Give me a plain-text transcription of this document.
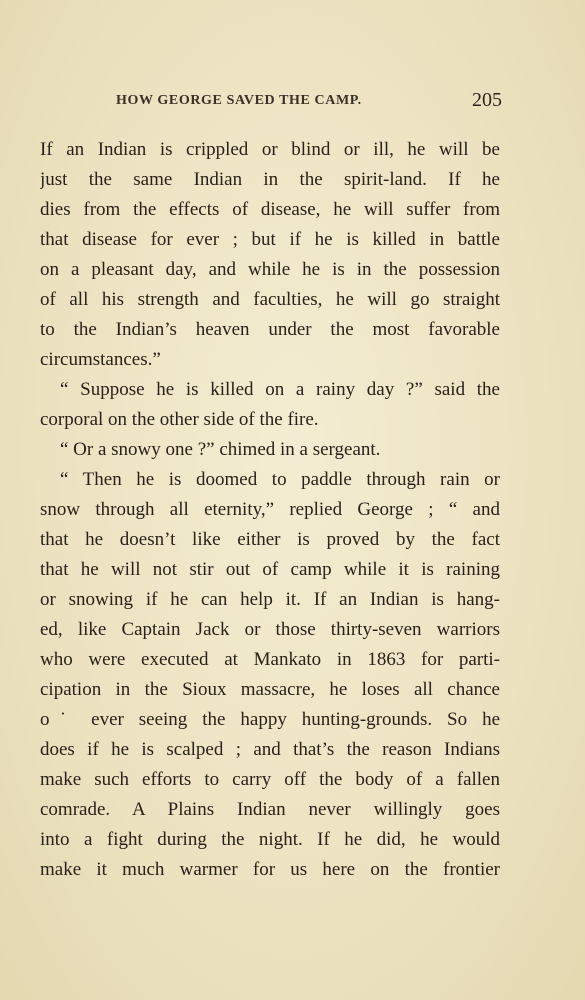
HOW GEORGE SAVED THE CAMP.	205
If an Indian is crippled or blind or ill, he will be
just the same Indian in the spirit-land. If he
dies from the effects of disease, he will suffer from
that disease for ever ; but if he is killed in battle
on a pleasant day, and while he is in the possession
of all his strength and faculties, he will go straight
to the Indian’s heaven under the most favorable
circumstances.”
“ Suppose he is killed on a rainy day ?” said the
corporal on the other side of the fire.
“ Or a snowy one ?” chimed in a sergeant.
“ Then he is doomed to paddle through rain or
snow through all eternity,” replied George ; “ and
that he doesn’t like either is proved by the fact
that he will not stir out of camp while it is raining
or snowing if he can help it. If an Indian is hang-
ed, like Captain Jack or those thirty-seven warriors
who were executed at Mankato in 1863 for parti-
cipation in the Sioux massacre, he loses all chance
o˙ ever seeing the happy hunting-grounds. So he
does if he is scalped ; and that’s the reason Indians
make such efforts to carry off the body of a fallen
comrade. A Plains Indian never willingly goes
into a fight during the night. If he did, he would
make it much warmer for us here on the frontier
